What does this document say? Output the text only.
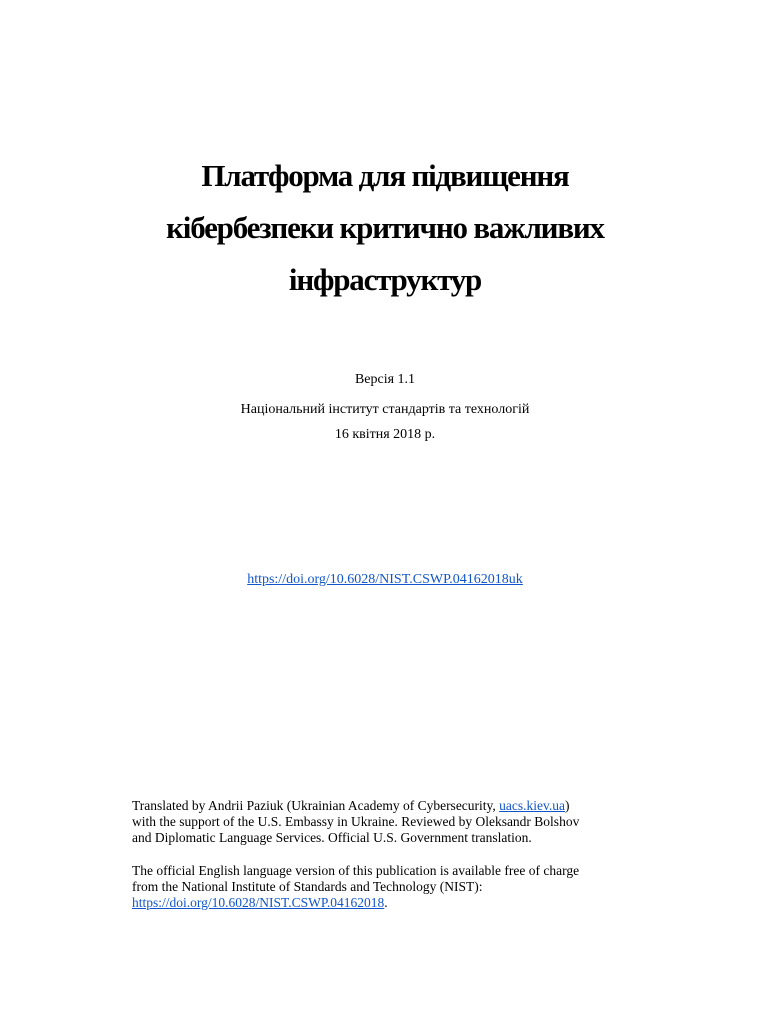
Платформа для підвищення
кібербезпеки критично важливих
інфраструктур
Версія 1.1
Національний інститут стандартів та технологій
16 квітня 2018 р.
https://doi.org/10.6028/NIST.CSWP.04162018uk

Translated by Andrii Paziuk (Ukrainian Academy of Cybersecurity, uacs.kiev.ua)
with the support of the U.S. Embassy in Ukraine. Reviewed by Oleksandr Bolshov
and Diplomatic Language Services. Official U.S. Government translation.

The official English language version of this publication is available free of charge
from the National Institute of Standards and Technology (NIST):
https://doi.org/10.6028/NIST.CSWP.04162018.
